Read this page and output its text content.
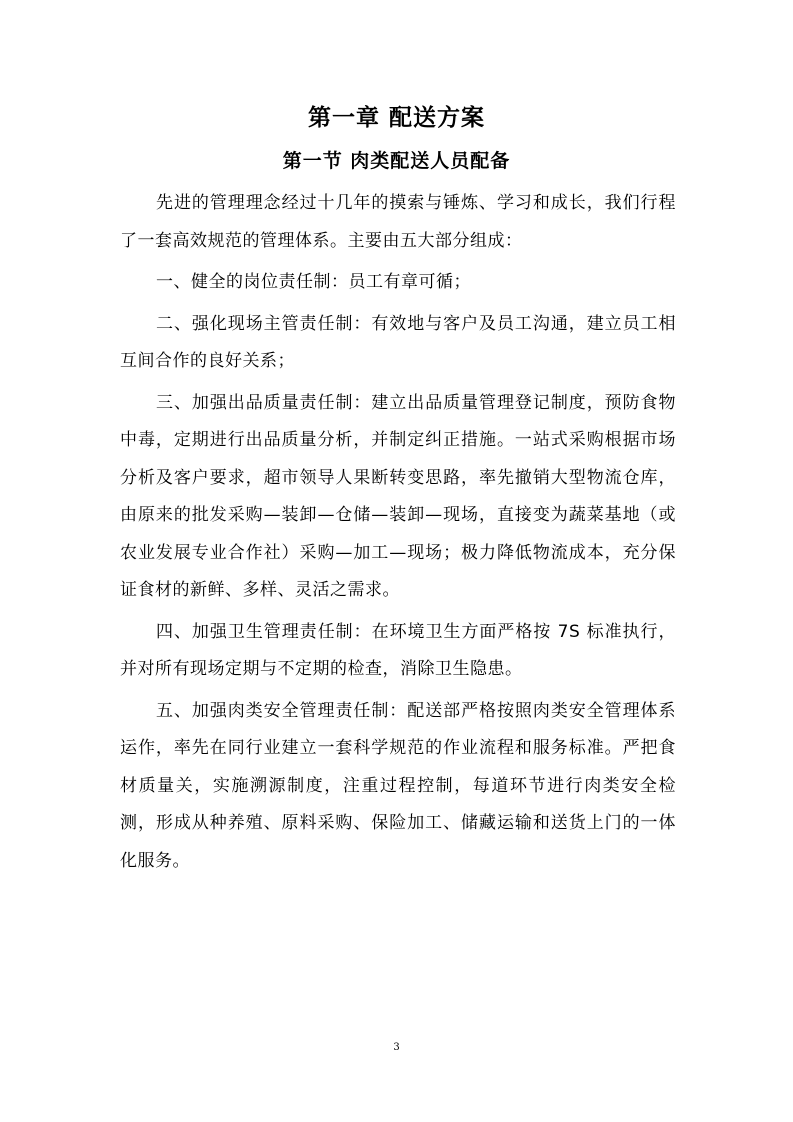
第一章 配送方案
第一节 肉类配送人员配备

先进的管理理念经过十几年的摸索与锤炼、学习和成长，我们行程了一套高效规范的管理体系。主要由五大部分组成：

一、健全的岗位责任制：员工有章可循；

二、强化现场主管责任制：有效地与客户及员工沟通，建立员工相互间合作的良好关系；

三、加强出品质量责任制：建立出品质量管理登记制度，预防食物中毒，定期进行出品质量分析，并制定纠正措施。一站式采购根据市场分析及客户要求，超市领导人果断转变思路，率先撤销大型物流仓库，由原来的批发采购—装卸—仓储—装卸—现场，直接变为蔬菜基地（或农业发展专业合作社）采购—加工—现场；极力降低物流成本，充分保证食材的新鲜、多样、灵活之需求。

四、加强卫生管理责任制：在环境卫生方面严格按 7S 标准执行，并对所有现场定期与不定期的检查，消除卫生隐患。

五、加强肉类安全管理责任制：配送部严格按照肉类安全管理体系运作，率先在同行业建立一套科学规范的作业流程和服务标准。严把食材质量关，实施溯源制度，注重过程控制，每道环节进行肉类安全检测，形成从种养殖、原料采购、保险加工、储藏运输和送货上门的一体化服务。

3
